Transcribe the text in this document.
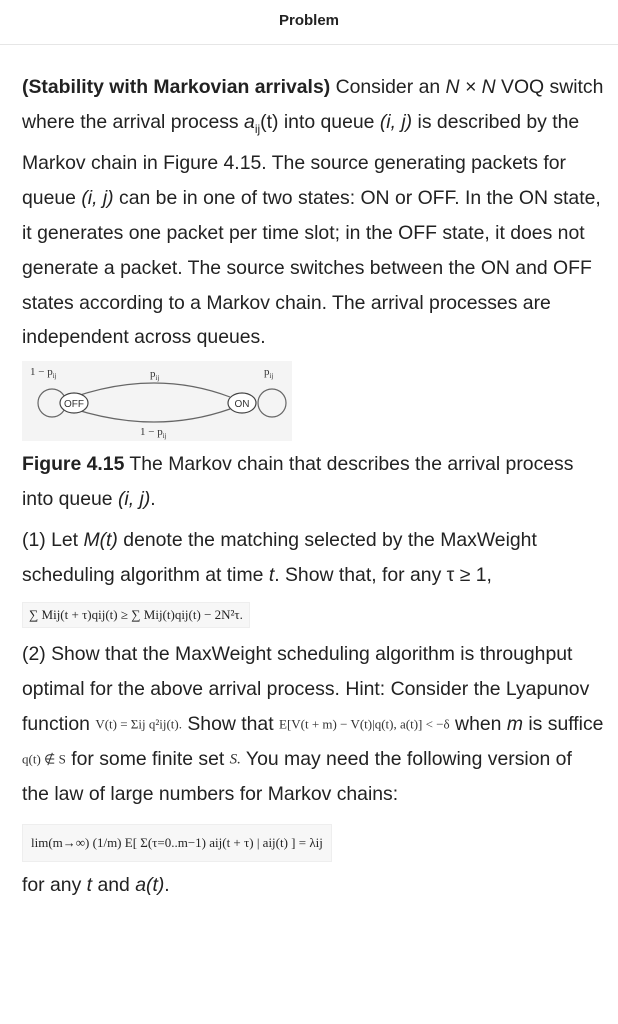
Problem

(Stability with Markovian arrivals) Consider an N × N VOQ switch where the arrival process $a_{ij}(t)$ into queue (i, j) is described by the Markov chain in Figure 4.15. The source generating packets for queue (i, j) can be in one of two states: ON or OFF. In the ON state, it generates one packet per time slot; in the OFF state, it does not generate a packet. The source switches between the ON and OFF states according to a Markov chain. The arrival processes are independent across queues.

OFF	ON
$1 - p_{ij}$	$p_{ij}$	$p_{ij}$
$1 - p_{ij}$

Figure 4.15 The Markov chain that describes the arrival process into queue (i, j).

(1) Let M(t) denote the matching selected by the MaxWeight scheduling algorithm at time t. Show that, for any τ ≥ 1,

∑ Mij(t + τ)qij(t) ≥ ∑ Mij(t)qij(t) − 2N²τ.

(2) Show that the MaxWeight scheduling algorithm is throughput optimal for the above arrival process. Hint: Consider the Lyapunov function V(t) = Σij q²ij(t). Show that E[V(t + m) − V(t)|q(t), a(t)] < −δ when m is suffice q(t) ∉ S for some finite set S. You may need the following version of the law of large numbers for Markov chains:

lim(m→∞) (1/m) E[ Σ(τ=0..m−1) aij(t + τ) | aij(t) ] = λij

for any t and a(t).
